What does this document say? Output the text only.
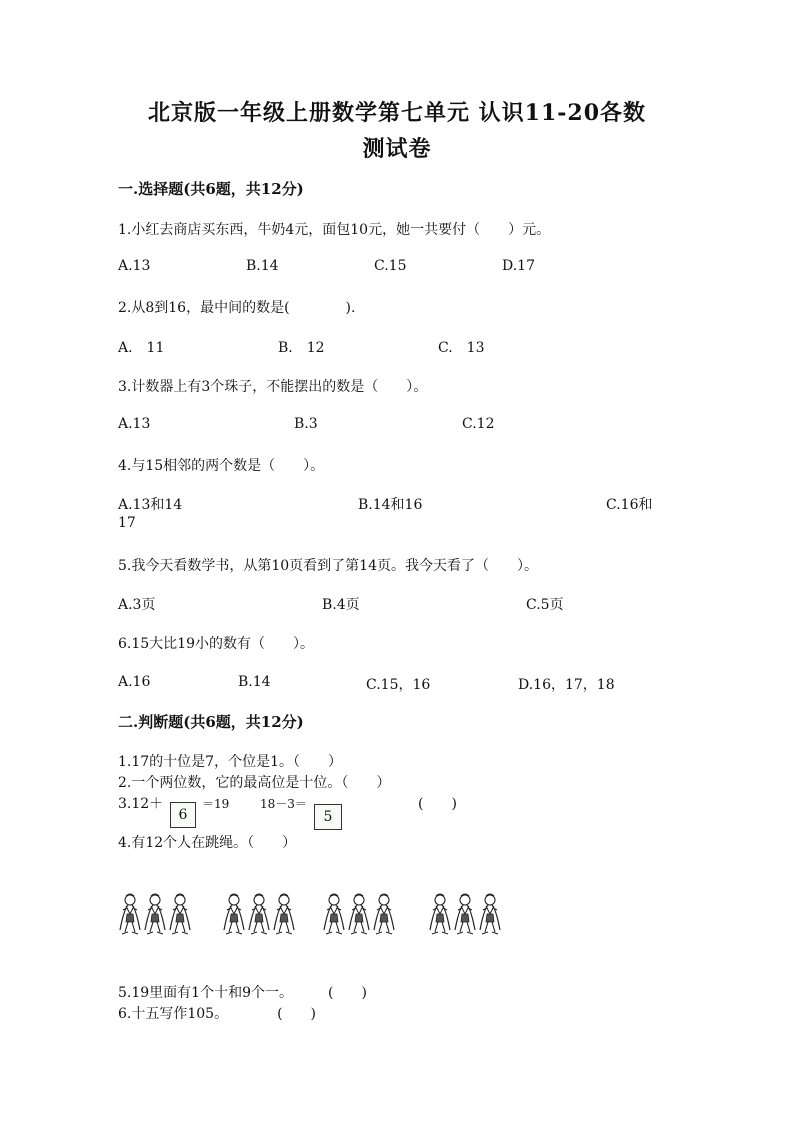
北京版一年级上册数学第七单元 认识11-20各数
测试卷
一.选择题(共6题，共12分)
1.小红去商店买东西，牛奶4元，面包10元，她一共要付（　　）元。
A.13	B.14	C.15	D.17
2.从8到16，最中间的数是(　　　　).
A.　11	B.　12	C.　13
3.计数器上有3个珠子，不能摆出的数是（　　）。
A.13	B.3	C.12
4.与15相邻的两个数是（　　）。
A.13和14	B.14和16	C.16和
17
5.我今天看数学书，从第10页看到了第14页。我今天看了（　　）。
A.3页	B.4页	C.5页
6.15大比19小的数有（　　）。
A.16	B.14	C.15，16	D.16，17，18
二.判断题(共6题，共12分)
1.17的十位是7，个位是1。（　　）
2.一个两位数，它的最高位是十位。（　　）
3.12＋
6
＝19	18－3＝
5
(　　)
4.有12个人在跳绳。（　　）
5.19里面有1个十和9个一。　　　(　　)
6.十五写作105。　　　　(　　)
